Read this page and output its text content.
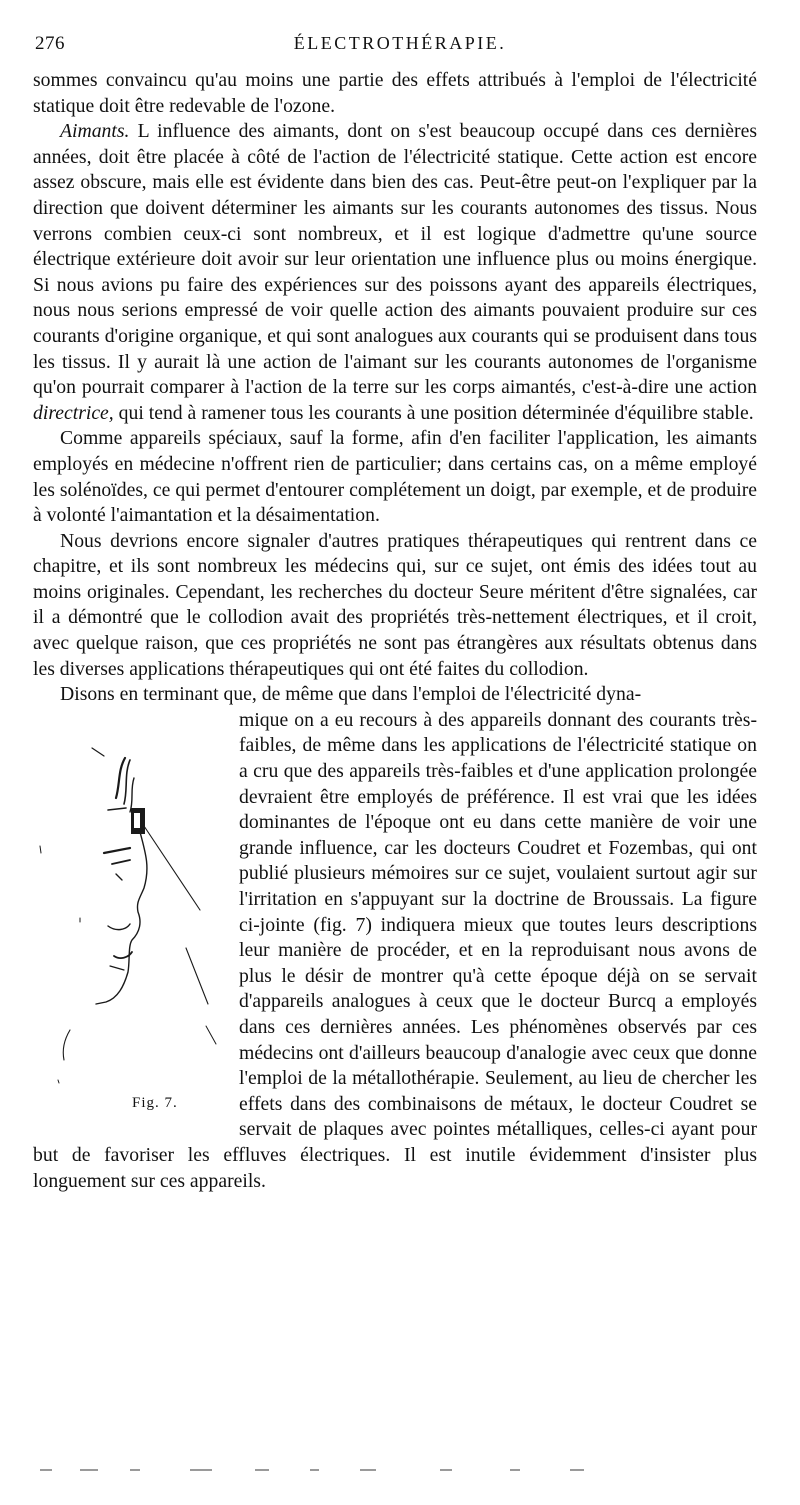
276	ÉLECTROTHÉRAPIE.

sommes convaincu qu'au moins une partie des effets attribués à l'emploi de l'électricité statique doit être redevable de l'ozone.

Aimants. L influence des aimants, dont on s'est beaucoup occupé dans ces dernières années, doit être placée à côté de l'action de l'électricité statique. Cette action est encore assez obscure, mais elle est évidente dans bien des cas. Peut-être peut-on l'expliquer par la direction que doivent déterminer les aimants sur les courants autonomes des tissus. Nous verrons combien ceux-ci sont nombreux, et il est logique d'admettre qu'une source électrique extérieure doit avoir sur leur orientation une influence plus ou moins énergique. Si nous avions pu faire des expériences sur des poissons ayant des appareils électriques, nous nous serions empressé de voir quelle action des aimants pouvaient produire sur ces courants d'origine organique, et qui sont analogues aux courants qui se produisent dans tous les tissus. Il y aurait là une action de l'aimant sur les courants autonomes de l'organisme qu'on pourrait comparer à l'action de la terre sur les corps aimantés, c'est-à-dire une action directrice, qui tend à ramener tous les courants à une position déterminée d'équilibre stable.

Comme appareils spéciaux, sauf la forme, afin d'en faciliter l'application, les aimants employés en médecine n'offrent rien de particulier; dans certains cas, on a même employé les solénoïdes, ce qui permet d'entourer complétement un doigt, par exemple, et de produire à volonté l'aimantation et la désaimentation.

Nous devrions encore signaler d'autres pratiques thérapeutiques qui rentrent dans ce chapitre, et ils sont nombreux les médecins qui, sur ce sujet, ont émis des idées tout au moins originales. Cependant, les recherches du docteur Seure méritent d'être signalées, car il a démontré que le collodion avait des propriétés très-nettement électriques, et il croit, avec quelque raison, que ces propriétés ne sont pas étrangères aux résultats obtenus dans les diverses applications thérapeutiques qui ont été faites du collodion.

Disons en terminant que, de même que dans l'emploi de l'électricité dyna-

Fig. 7.

mique on a eu recours à des appareils donnant des courants très-faibles, de même dans les applications de l'électricité statique on a cru que des appareils très-faibles et d'une application prolongée devraient être employés de préférence. Il est vrai que les idées dominantes de l'époque ont eu dans cette manière de voir une grande influence, car les docteurs Coudret et Fozembas, qui ont publié plusieurs mémoires sur ce sujet, voulaient surtout agir sur l'irritation en s'appuyant sur la doctrine de Broussais. La figure ci-jointe (fig. 7) indiquera mieux que toutes leurs descriptions leur manière de procéder, et en la reproduisant nous avons de plus le désir de montrer qu'à cette époque déjà on se servait d'appareils analogues à ceux que le docteur Burcq a employés dans ces dernières années. Les phénomènes observés par ces médecins ont d'ailleurs beaucoup d'analogie avec ceux que donne l'emploi de la métallothérapie. Seulement, au lieu de chercher les effets dans des combinaisons de métaux, le docteur Coudret se servait de plaques avec pointes métalliques, celles-ci ayant pour but de favoriser les effluves électriques. Il est inutile évidemment d'insister plus longuement sur ces appareils.
